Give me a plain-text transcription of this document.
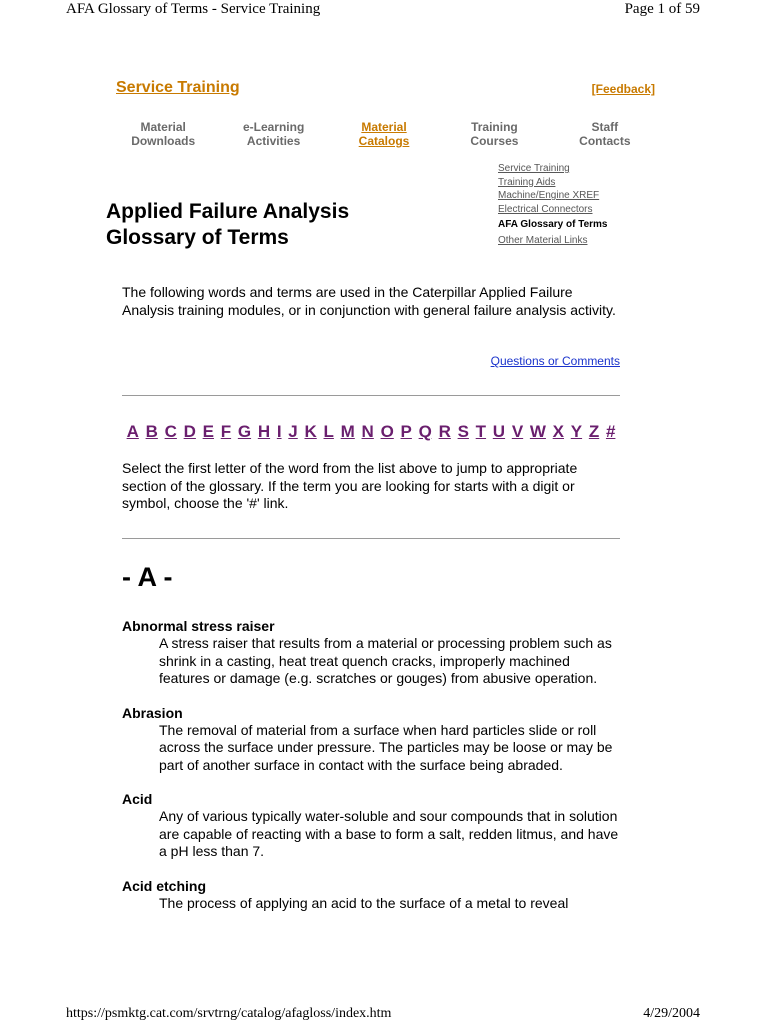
AFA Glossary of Terms - Service Training	Page 1 of 59
Service Training	[Feedback]
Material
Downloads
e-Learning
Activities
Material
Catalogs
Training
Courses
Staff
Contacts
Service Training
Training Aids
Machine/Engine XREF
Electrical Connectors
AFA Glossary of Terms
Other Material Links
Applied Failure Analysis
Glossary of Terms

The following words and terms are used in the Caterpillar Applied Failure Analysis training modules, or in conjunction with general failure analysis activity.

Questions or Comments
A B C D E F G H I J K L M N O P Q R S T U V W X Y Z #

Select the first letter of the word from the list above to jump to appropriate section of the glossary. If the term you are looking for starts with a digit or symbol, choose the '#' link.

- A -
Abnormal stress raiser
A stress raiser that results from a material or processing problem such as shrink in a casting, heat treat quench cracks, improperly machined features or damage (e.g. scratches or gouges) from abusive operation.
Abrasion
The removal of material from a surface when hard particles slide or roll across the surface under pressure. The particles may be loose or may be part of another surface in contact with the surface being abraded.
Acid
Any of various typically water-soluble and sour compounds that in solution are capable of reacting with a base to form a salt, redden litmus, and have a pH less than 7.
Acid etching
The process of applying an acid to the surface of a metal to reveal
https://psmktg.cat.com/srvtrng/catalog/afagloss/index.htm	4/29/2004
